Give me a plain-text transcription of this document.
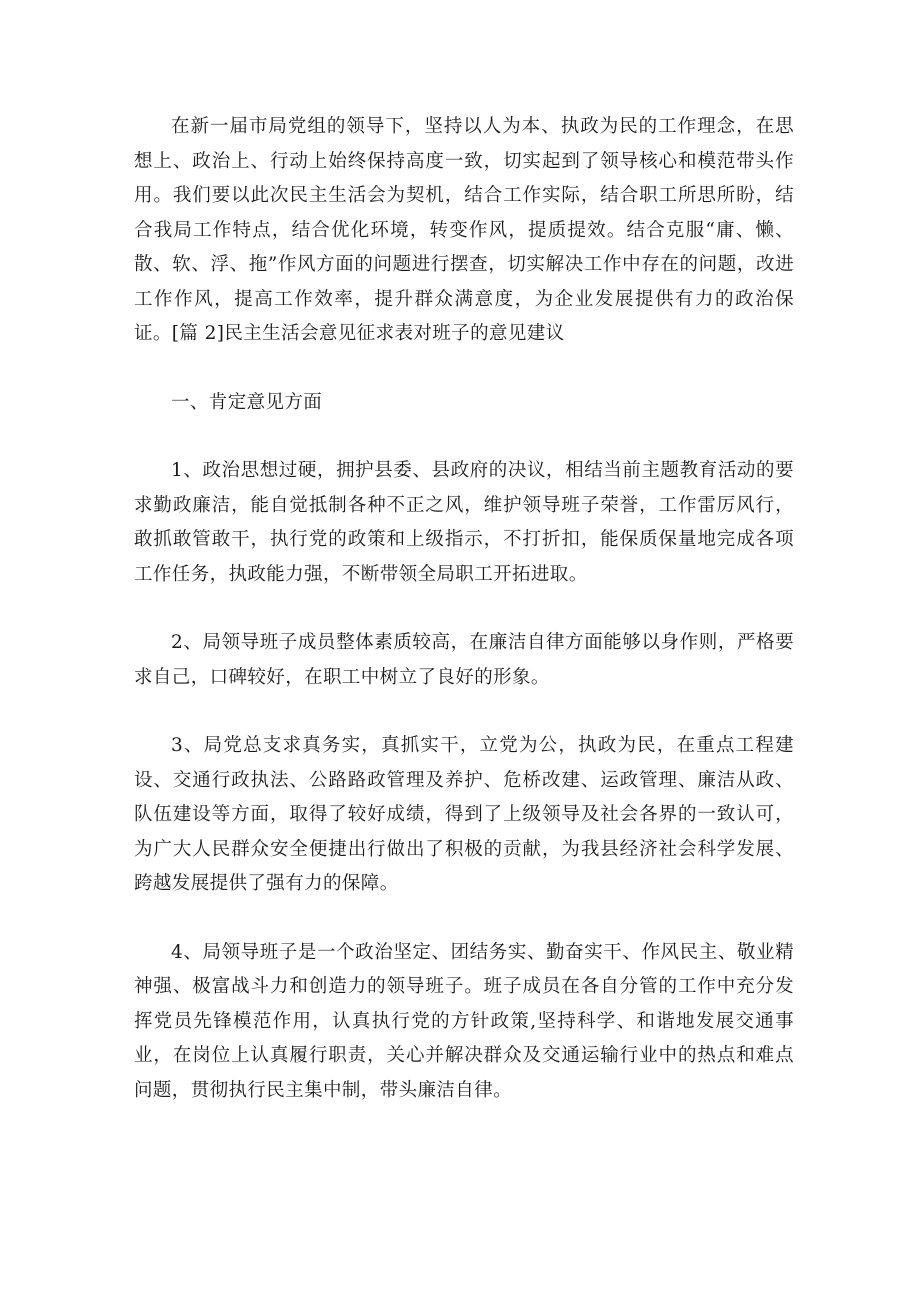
在新一届市局党组的领导下，坚持以人为本、执政为民的工作理念，在思想上、政治上、行动上始终保持高度一致，切实起到了领导核心和模范带头作用。我们要以此次民主生活会为契机，结合工作实际，结合职工所思所盼，结合我局工作特点，结合优化环境，转变作风，提质提效。结合克服“庸、懒、散、软、浮、拖”作风方面的问题进行摆查，切实解决工作中存在的问题，改进工作作风，提高工作效率，提升群众满意度，为企业发展提供有力的政治保证。[篇 2]民主生活会意见征求表对班子的意见建议

一、肯定意见方面

1、政治思想过硬，拥护县委、县政府的决议，相结当前主题教育活动的要求勤政廉洁，能自觉抵制各种不正之风，维护领导班子荣誉，工作雷厉风行，敢抓敢管敢干，执行党的政策和上级指示，不打折扣，能保质保量地完成各项工作任务，执政能力强，不断带领全局职工开拓进取。

2、局领导班子成员整体素质较高，在廉洁自律方面能够以身作则，严格要求自己，口碑较好，在职工中树立了良好的形象。

3、局党总支求真务实，真抓实干，立党为公，执政为民，在重点工程建设、交通行政执法、公路路政管理及养护、危桥改建、运政管理、廉洁从政、队伍建设等方面，取得了较好成绩，得到了上级领导及社会各界的一致认可，为广大人民群众安全便捷出行做出了积极的贡献，为我县经济社会科学发展、跨越发展提供了强有力的保障。

4、局领导班子是一个政治坚定、团结务实、勤奋实干、作风民主、敬业精神强、极富战斗力和创造力的领导班子。班子成员在各自分管的工作中充分发挥党员先锋模范作用，认真执行党的方针政策,坚持科学、和谐地发展交通事业，在岗位上认真履行职责，关心并解决群众及交通运输行业中的热点和难点问题，贯彻执行民主集中制，带头廉洁自律。
